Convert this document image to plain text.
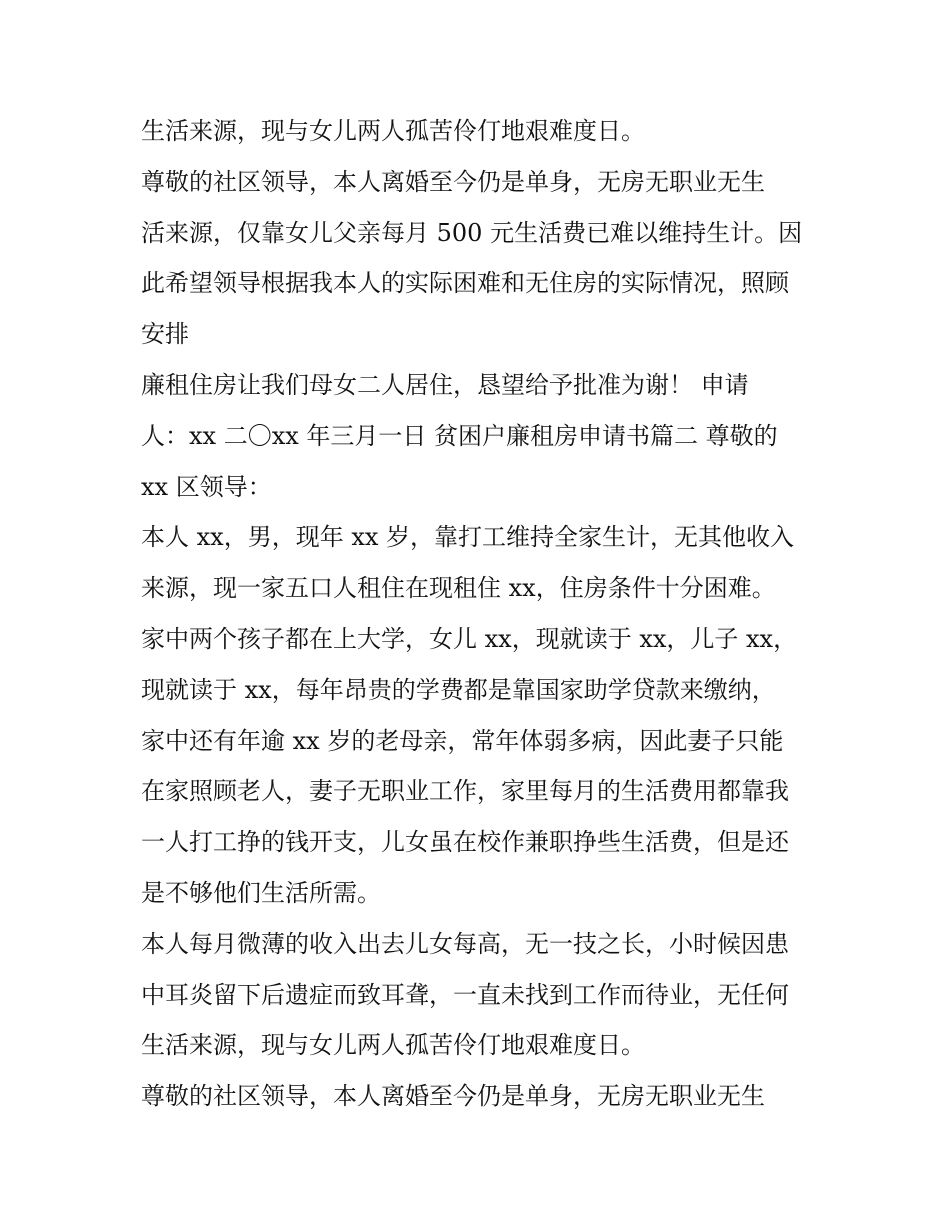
生活来源，现与女儿两人孤苦伶仃地艰难度日。
尊敬的社区领导，本人离婚至今仍是单身，无房无职业无生
活来源，仅靠女儿父亲每月 500 元生活费已难以维持生计。因
此希望领导根据我本人的实际困难和无住房的实际情况，照顾
安排
廉租住房让我们母女二人居住，恳望给予批准为谢！ 申请
人：xx 二〇xx 年三月一日 贫困户廉租房申请书篇二 尊敬的
xx 区领导：
本人 xx，男，现年 xx 岁，靠打工维持全家生计，无其他收入
来源，现一家五口人租住在现租住 xx，住房条件十分困难。
家中两个孩子都在上大学，女儿 xx，现就读于 xx，儿子 xx，
现就读于 xx，每年昂贵的学费都是靠国家助学贷款来缴纳，
家中还有年逾 xx 岁的老母亲，常年体弱多病，因此妻子只能
在家照顾老人，妻子无职业工作，家里每月的生活费用都靠我
一人打工挣的钱开支，儿女虽在校作兼职挣些生活费，但是还
是不够他们生活所需。
本人每月微薄的收入出去儿女每高，无一技之长，小时候因患
中耳炎留下后遗症而致耳聋，一直未找到工作而待业，无任何
生活来源，现与女儿两人孤苦伶仃地艰难度日。
尊敬的社区领导，本人离婚至今仍是单身，无房无职业无生
